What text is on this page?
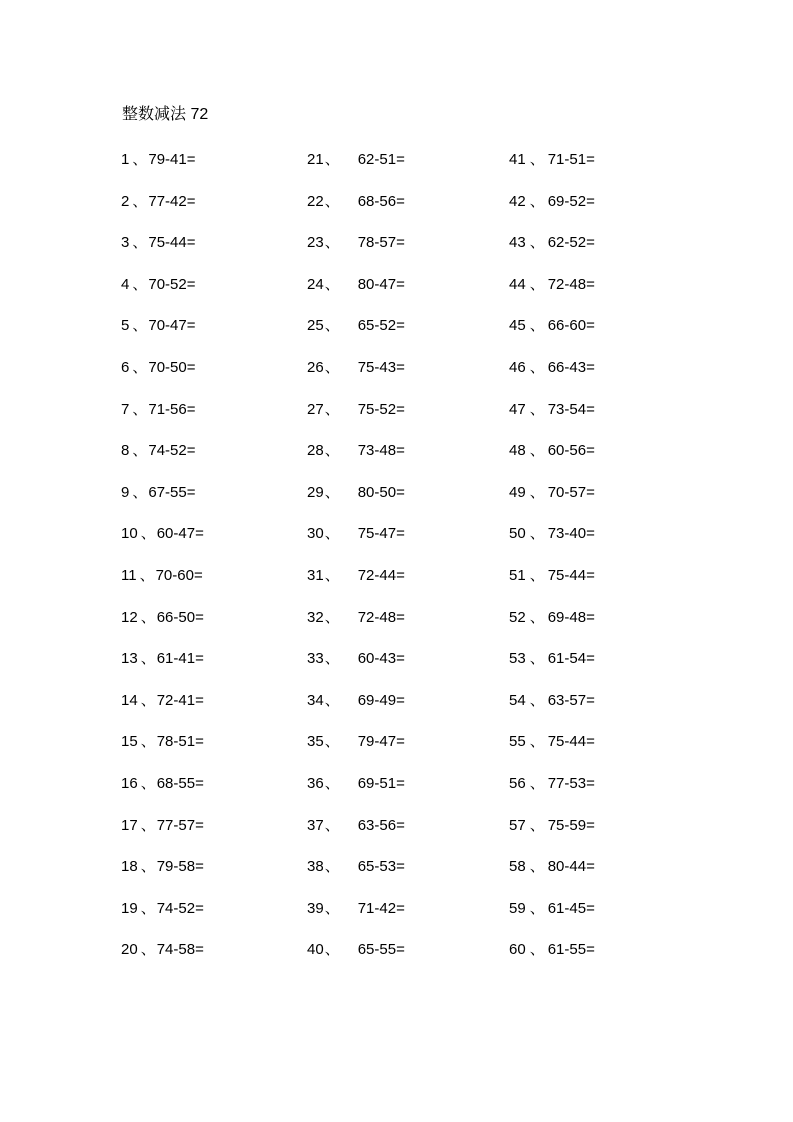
整数减法 72
1 、79-41=
2 、77-42=
3 、75-44=
4 、70-52=
5 、70-47=
6 、70-50=
7 、71-56=
8 、74-52=
9 、67-55=
10 、60-47=
11 、70-60=
12 、66-50=
13 、61-41=
14 、72-41=
15 、78-51=
16 、68-55=
17 、77-57=
18 、79-58=
19 、74-52=
20 、74-58=
21、 62-51=
22、 68-56=
23、 78-57=
24、 80-47=
25、 65-52=
26、 75-43=
27、 75-52=
28、 73-48=
29、 80-50=
30、 75-47=
31、 72-44=
32、 72-48=
33、 60-43=
34、 69-49=
35、 79-47=
36、 69-51=
37、 63-56=
38、 65-53=
39、 71-42=
40、 65-55=
41 、 71-51=
42 、 69-52=
43 、 62-52=
44 、 72-48=
45 、 66-60=
46 、 66-43=
47 、 73-54=
48 、 60-56=
49 、 70-57=
50 、 73-40=
51 、 75-44=
52 、 69-48=
53 、 61-54=
54 、 63-57=
55 、 75-44=
56 、 77-53=
57 、 75-59=
58 、 80-44=
59 、 61-45=
60 、 61-55=
